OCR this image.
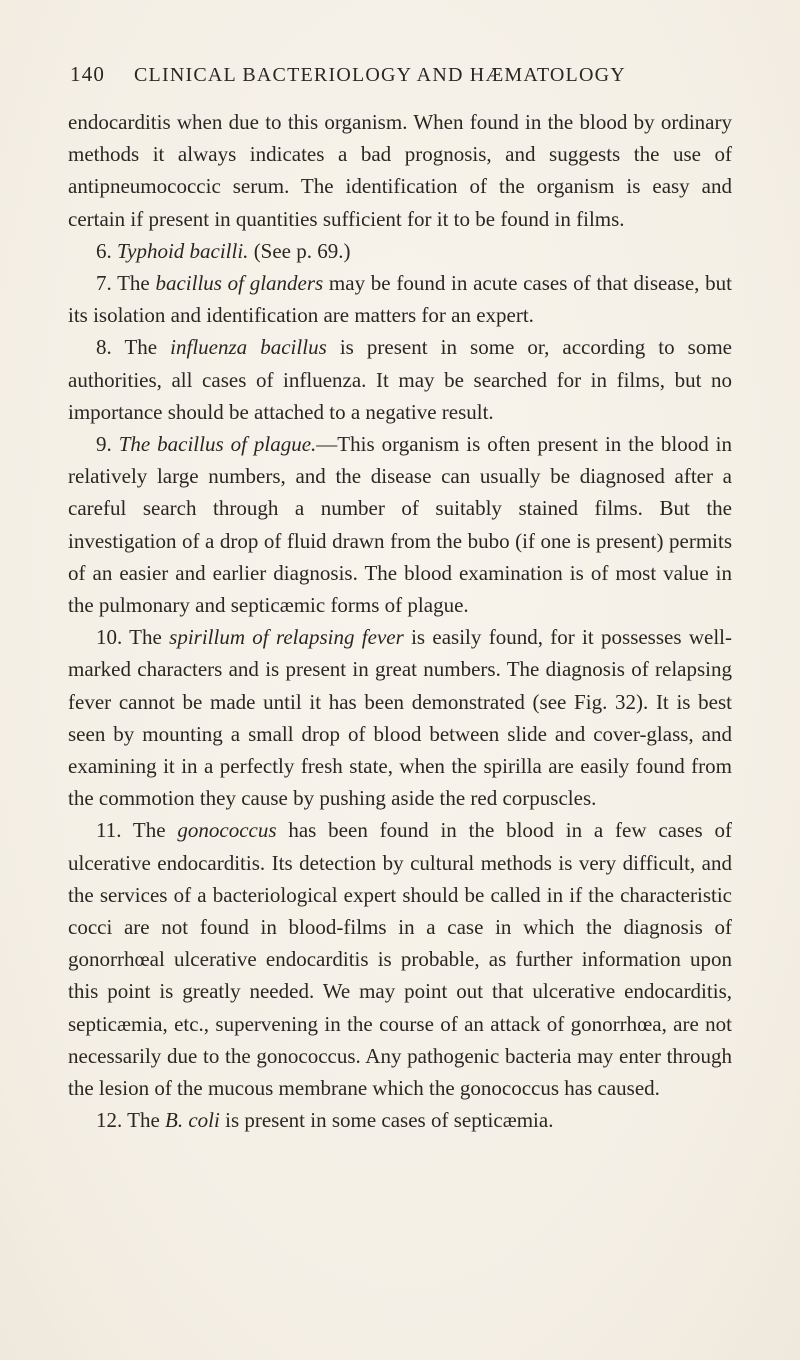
140	CLINICAL BACTERIOLOGY AND HÆMATOLOGY

endocarditis when due to this organism. When found in the blood by ordinary methods it always indicates a bad prognosis, and suggests the use of antipneumococcic serum. The identification of the organism is easy and certain if present in quantities sufficient for it to be found in films.

6. Typhoid bacilli. (See p. 69.)

7. The bacillus of glanders may be found in acute cases of that disease, but its isolation and identification are matters for an expert.

8. The influenza bacillus is present in some or, according to some authorities, all cases of influenza. It may be searched for in films, but no importance should be attached to a negative result.

9. The bacillus of plague.—This organism is often present in the blood in relatively large numbers, and the disease can usually be diagnosed after a careful search through a number of suitably stained films. But the investigation of a drop of fluid drawn from the bubo (if one is present) permits of an easier and earlier diagnosis. The blood examination is of most value in the pulmonary and septicæmic forms of plague.

10. The spirillum of relapsing fever is easily found, for it possesses well-marked characters and is present in great numbers. The diagnosis of relapsing fever cannot be made until it has been demonstrated (see Fig. 32). It is best seen by mounting a small drop of blood between slide and cover-glass, and examining it in a perfectly fresh state, when the spirilla are easily found from the commotion they cause by pushing aside the red corpuscles.

11. The gonococcus has been found in the blood in a few cases of ulcerative endocarditis. Its detection by cultural methods is very difficult, and the services of a bacteriological expert should be called in if the characteristic cocci are not found in blood-films in a case in which the diagnosis of gonorrhœal ulcerative endocarditis is probable, as further information upon this point is greatly needed. We may point out that ulcerative endocarditis, septicæmia, etc., supervening in the course of an attack of gonorrhœa, are not necessarily due to the gonococcus. Any pathogenic bacteria may enter through the lesion of the mucous membrane which the gonococcus has caused.

12. The B. coli is present in some cases of septicæmia.
